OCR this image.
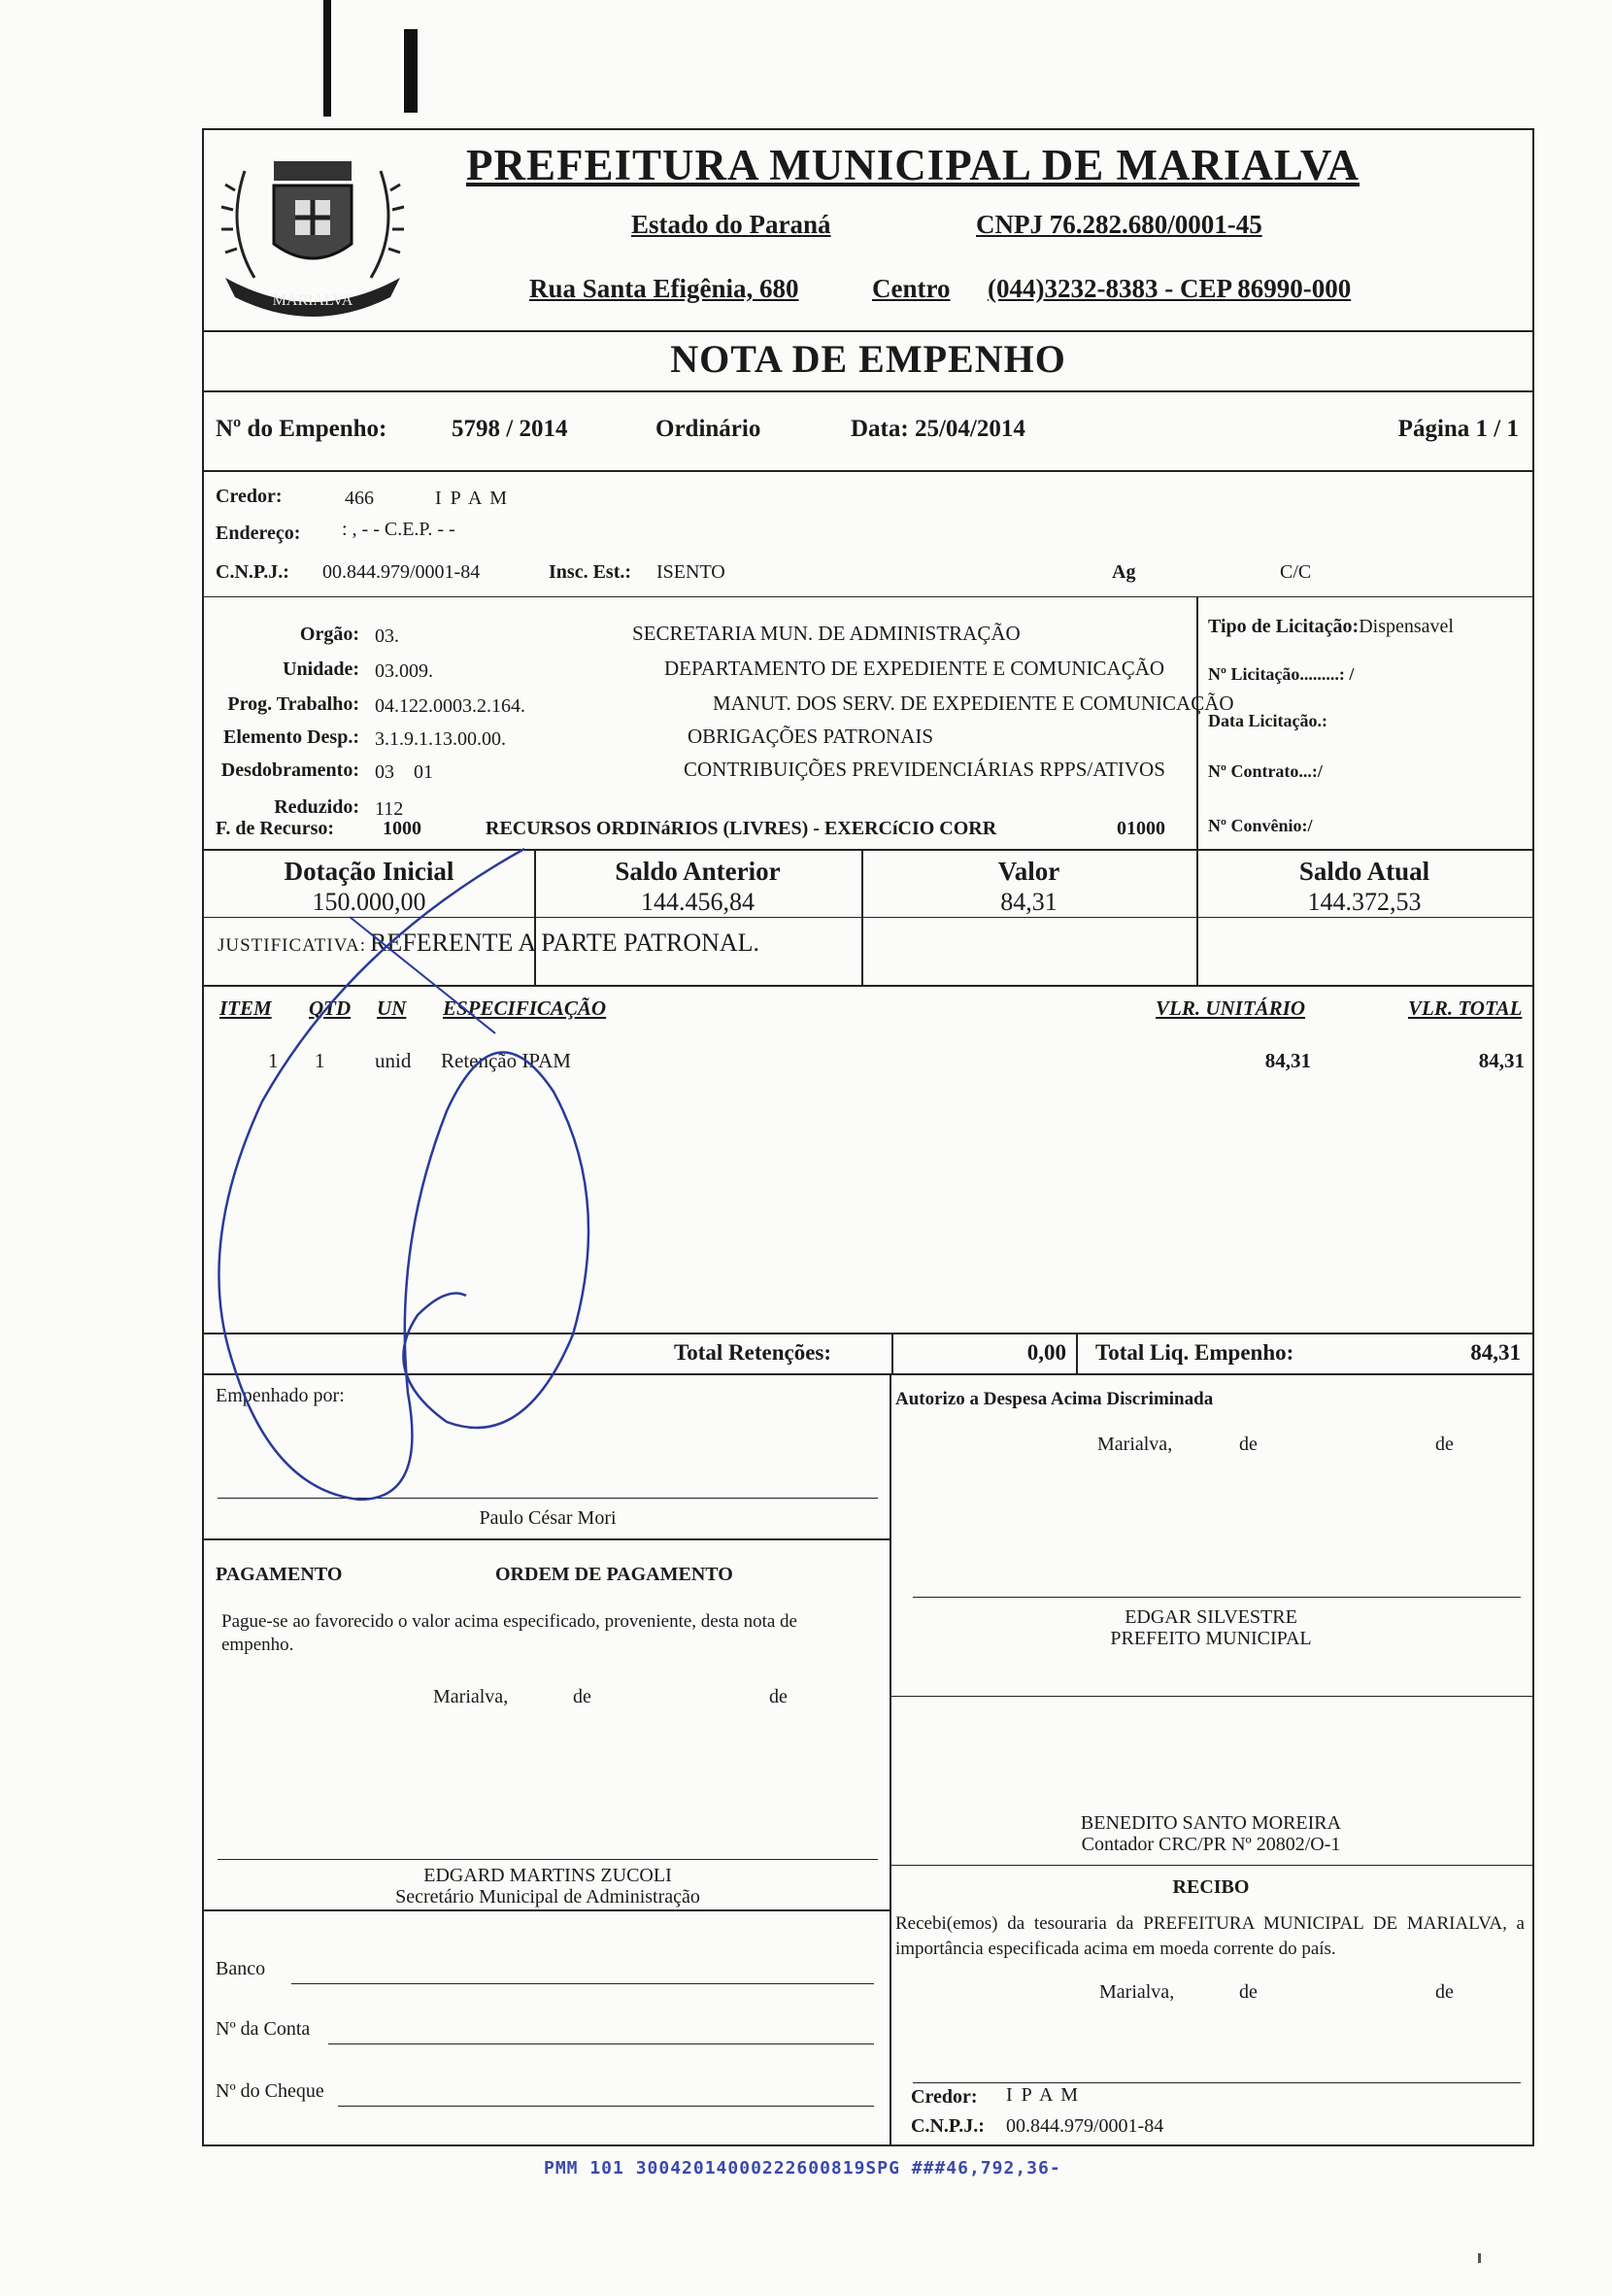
MARIALVA
PREFEITURA MUNICIPAL DE MARIALVA
Estado do Paraná	CNPJ 76.282.680/0001-45
Rua Santa Efigênia, 680	Centro (044)3232-8383 - CEP 86990-000
NOTA DE EMPENHO
Nº do Empenho:	5798 / 2014	Ordinário	Data: 25/04/2014	Página 1 / 1
Credor:	466	I P A M
Endereço: : , - - C.E.P. - -
C.N.P.J.: 00.844.979/0001-84	Insc. Est.: ISENTO	Ag	C/C
Orgão: 03.	SECRETARIA MUN. DE ADMINISTRAÇÃO
Unidade: 03.009.	DEPARTAMENTO DE EXPEDIENTE E COMUNICAÇÃO
Prog. Trabalho: 04.122.0003.2.164.	MANUT. DOS SERV. DE EXPEDIENTE E COMUNICAÇÃO
Elemento Desp.: 3.1.9.1.13.00.00.	OBRIGAÇÕES PATRONAIS
Desdobramento: 03    01	CONTRIBUIÇÕES PREVIDENCIÁRIAS RPPS/ATIVOS
Reduzido: 112
F. de Recurso: 1000	RECURSOS ORDINáRIOS (LIVRES) - EXERCíCIO CORR	01000
Tipo de Licitação:Dispensavel
Nº Licitação.........: /
Data Licitação.:
Nº Contrato...:/
Nº Convênio:/
Dotação Inicial
150.000,00
Saldo Anterior
144.456,84
Valor
84,31
Saldo Atual
144.372,53
JUSTIFICATIVA: REFERENTE A PARTE PATRONAL.
ITEM QTD UN ESPECIFICAÇÃO	VLR. UNITÁRIO	VLR. TOTAL
1 1 unid Retenção IPAM	84,31	84,31
Total Retenções:	0,00 Total Liq. Empenho:	84,31
Empenhado por:
Paulo César Mori
Autorizo a Despesa Acima Discriminada
Marialva,	de	de
EDGAR SILVESTRE
PREFEITO MUNICIPAL
PAGAMENTO	ORDEM DE PAGAMENTO
Pague-se ao favorecido o valor acima especificado, proveniente, desta nota de empenho.
Marialva,	de	de
BENEDITO SANTO MOREIRA
Contador CRC/PR Nº 20802/O-1
EDGARD MARTINS ZUCOLI
Secretário Municipal de Administração	RECIBO
Recebi(emos) da tesouraria da PREFEITURA MUNICIPAL DE MARIALVA, a importância especificada acima em moeda corrente do país.
Marialva,	de	de
Credor: I P A M
C.N.P.J.: 00.844.979/0001-84
Banco
Nº da Conta
Nº do Cheque
PMM 101 30042014000222600819SPG ###46,792,36-
